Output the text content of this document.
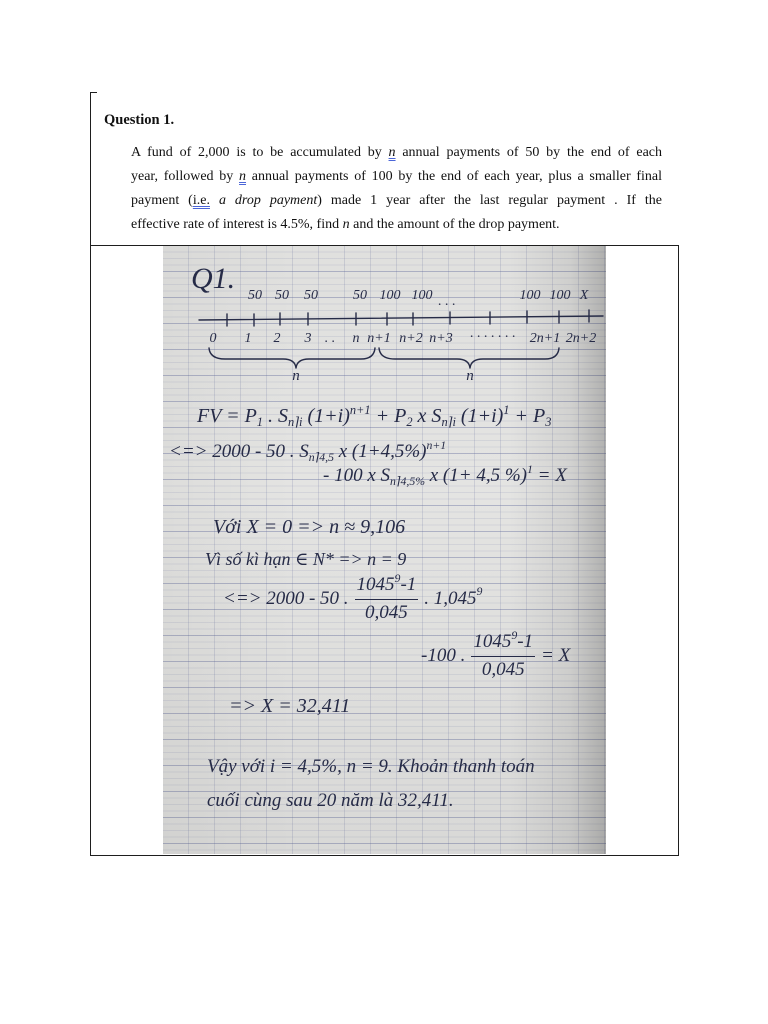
Question 1.
A fund of 2,000 is to be accumulated by n annual payments of 50 by the end of each
year, followed by n annual payments of 100 by the end of each year, plus a smaller final
payment (i.e. a drop payment) made 1 year after the last regular payment . If the
effective rate of interest is 4.5%, find n and the amount of the drop payment.
Q1.
50 50 50	50 100 100 . . .	100 100 X
0 1 2 3 . . n n+1 n+2 n+3 . . . . . . . 2n+1 2n+2
n	n
FV = P1 . Sn⌉i $(1+i)^{n+1} + P2$ x Sn⌉i $(1+i)^1 + P3$
<=> 2000 - 50 . Sn⌉4,5 x $(1+4,5\%)^{n+1}$
- 100 x Sn⌉4,5% x (1+ 4,5 %)$^1$ = X
Với X = 0 => n ≈ 9,106
Vì số kì hạn ∈ N* => n = 9
<=> 2000 - 50 . $\frac{1045^9-1}{0,045}$ . 1,045 9
-100 . $\frac{1045^9-1}{0,045} = X$
=> X = 32,411
Vậy với i = 4,5%, n = 9. Khoản thanh toán
cuối cùng sau 20 năm là 32,411.
